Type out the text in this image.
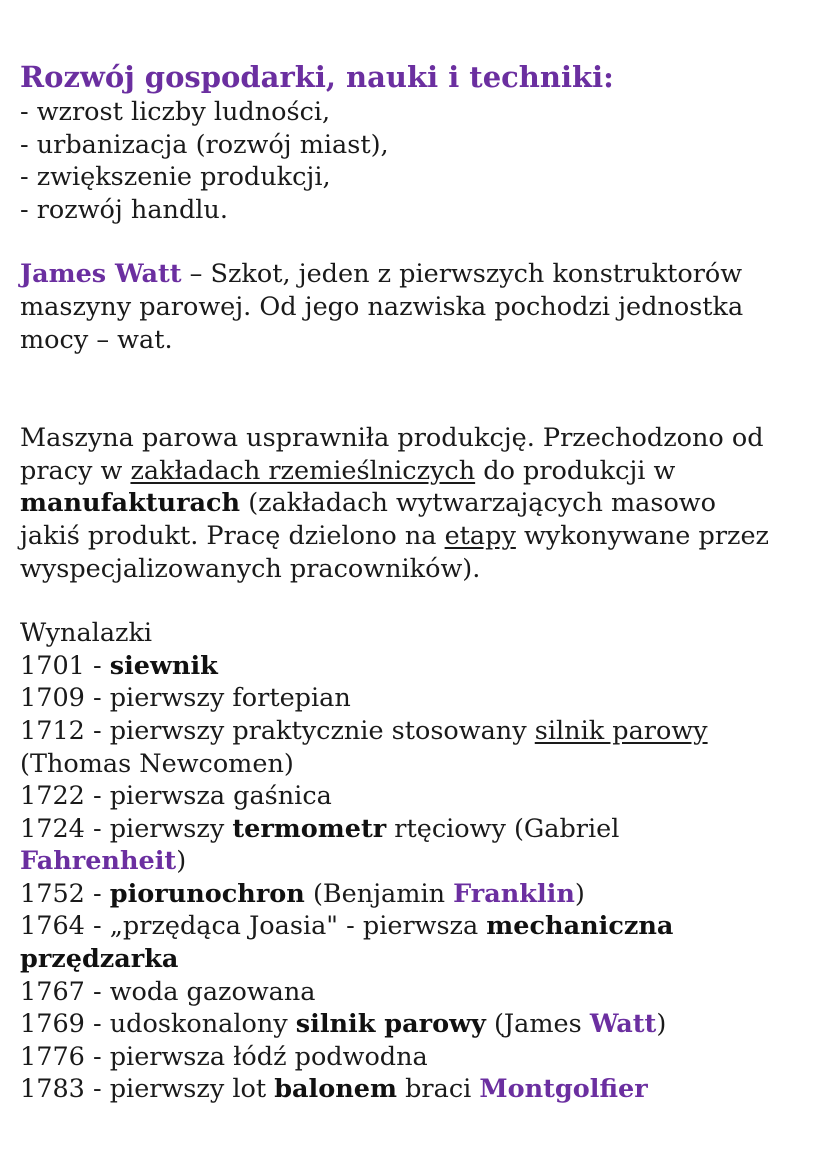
Rozwój gospodarki, nauki i techniki:

- wzrost liczby ludności,

- urbanizacja (rozwój miast),

- zwiększenie produkcji,

- rozwój handlu.

James Watt – Szkot, jeden z pierwszych konstruktorów

maszyny parowej. Od jego nazwiska pochodzi jednostka

mocy – wat.

Maszyna parowa usprawniła produkcję. Przechodzono od

pracy w zakładach rzemieślniczych do produkcji w

manufakturach (zakładach wytwarzających masowo

jakiś produkt. Pracę dzielono na etapy wykonywane przez

wyspecjalizowanych pracowników).

Wynalazki

1701 - siewnik

1709 - pierwszy fortepian

1712 - pierwszy praktycznie stosowany silnik parowy

(Thomas Newcomen)

1722 - pierwsza gaśnica

1724 - pierwszy termometr rtęciowy (Gabriel

Fahrenheit)

1752 - piorunochron (Benjamin Franklin)

1764 - „przędąca Joasia" - pierwsza mechaniczna

przędzarka

1767 - woda gazowana

1769 - udoskonalony silnik parowy (James Watt)

1776 - pierwsza łódź podwodna

1783 - pierwszy lot balonem braci Montgolfier
